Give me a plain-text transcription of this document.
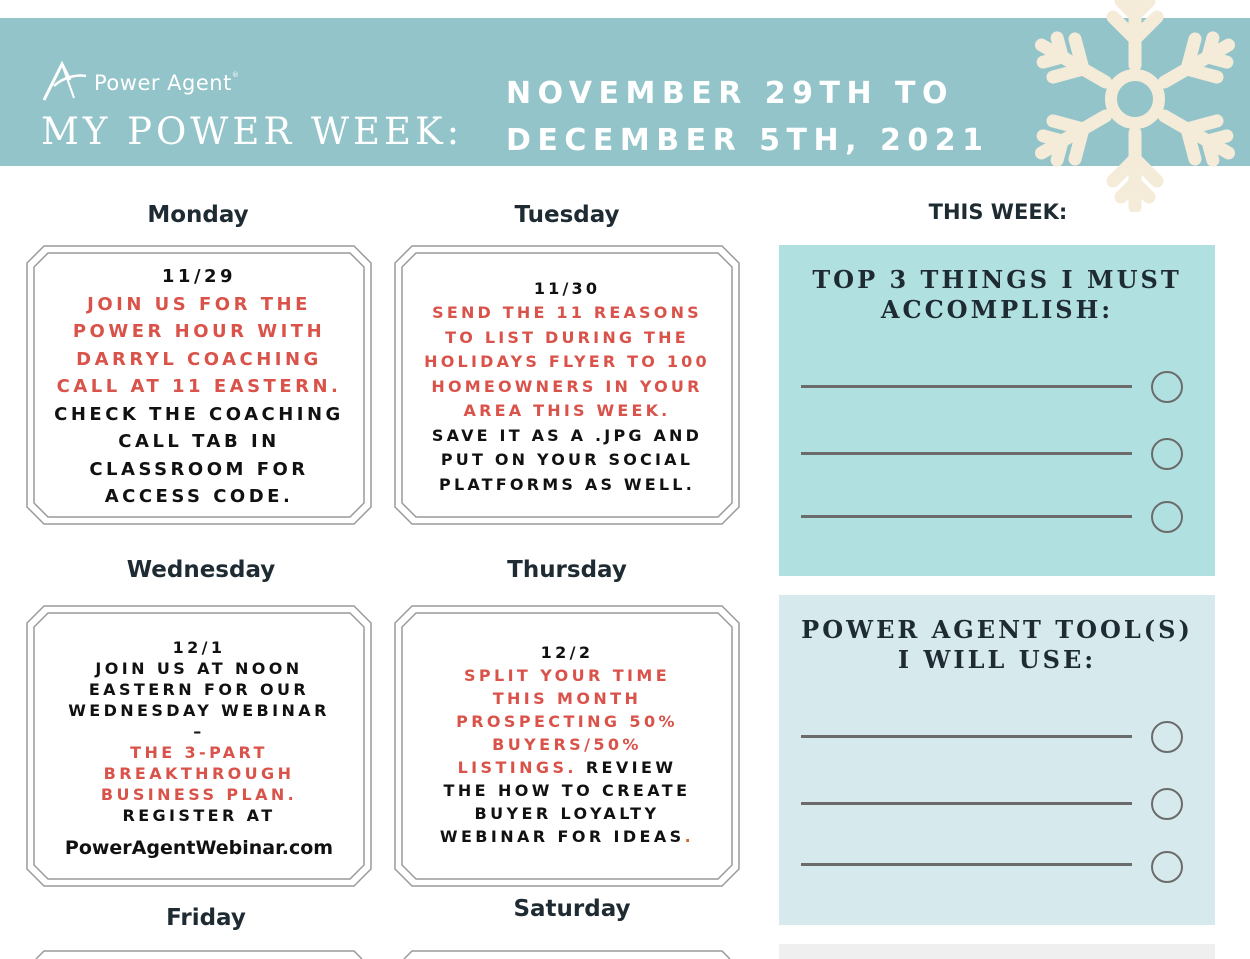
Power Agent®
MY POWER WEEK:
NOVEMBER 29TH TO
DECEMBER 5TH, 2021
Monday	Tuesday
Wednesday	Thursday
Friday	Saturday
11/29
JOIN US FOR THE POWER HOUR WITH DARRYL COACHING CALL AT 11 EASTERN.
CHECK THE COACHING CALL TAB IN CLASSROOM FOR ACCESS CODE.
11/30
SEND THE 11 REASONS TO LIST DURING THE HOLIDAYS FLYER TO 100 HOMEOWNERS IN YOUR AREA THIS WEEK.
SAVE IT AS A .JPG AND PUT ON YOUR SOCIAL PLATFORMS AS WELL.
12/1
JOIN US AT NOON EASTERN FOR OUR WEDNESDAY WEBINAR –
THE 3-PART BREAKTHROUGH BUSINESS PLAN.
REGISTER AT
PowerAgentWebinar.com
12/2
SPLIT YOUR TIME THIS MONTH PROSPECTING 50% BUYERS/50% LISTINGS. REVIEW THE HOW TO CREATE BUYER LOYALTY WEBINAR FOR IDEAS.
THIS WEEK:
TOP 3 THINGS I MUST
ACCOMPLISH:
POWER AGENT TOOL(S)
I WILL USE:
